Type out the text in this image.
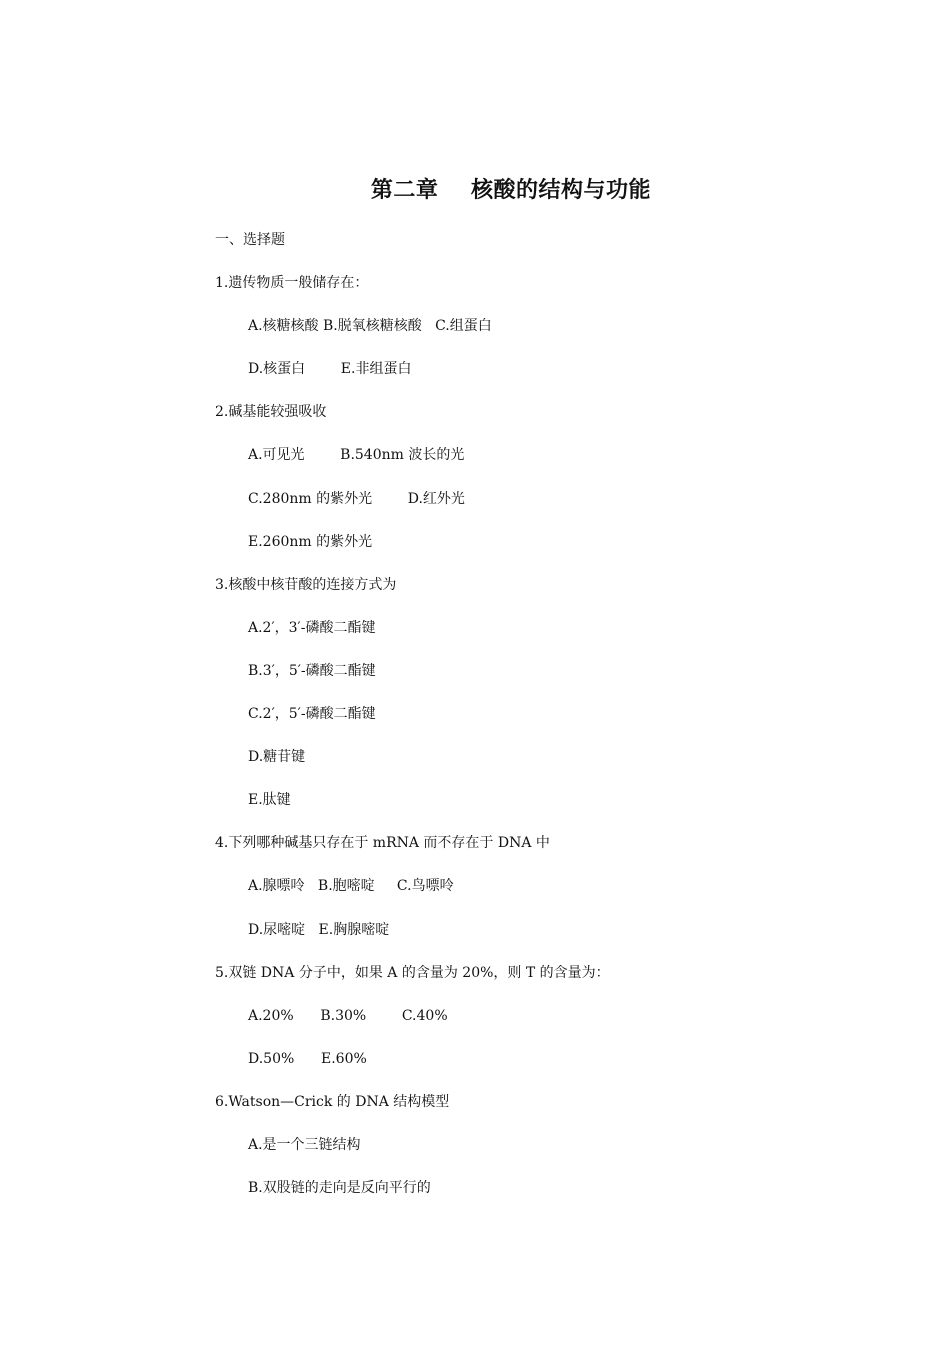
第二章    核酸的结构与功能
一、选择题
1.遗传物质一般储存在：
A.核糖核酸 B.脱氧核糖核酸   C.组蛋白
D.核蛋白        E.非组蛋白
2.碱基能较强吸收
A.可见光        B.540nm 波长的光
C.280nm 的紫外光        D.红外光
E.260nm 的紫外光
3.核酸中核苷酸的连接方式为
A.2′，3′-磷酸二酯键
B.3′，5′-磷酸二酯键
C.2′，5′-磷酸二酯键
D.糖苷键
E.肽键
4.下列哪种碱基只存在于 mRNA 而不存在于 DNA 中
A.腺嘌呤   B.胞嘧啶     C.鸟嘌呤
D.尿嘧啶   E.胸腺嘧啶
5.双链 DNA 分子中，如果 A 的含量为 20%，则 T 的含量为：
A.20%      B.30%        C.40%
D.50%      E.60%
6.Watson—Crick 的 DNA 结构模型
A.是一个三链结构
B.双股链的走向是反向平行的
